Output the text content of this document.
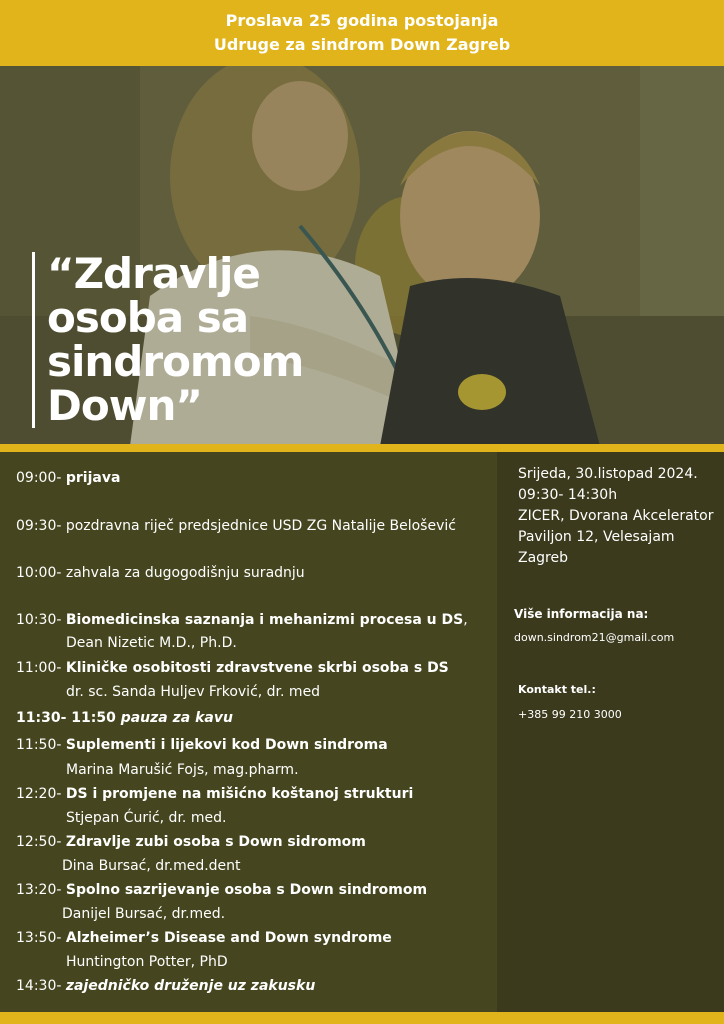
Proslava 25 godina postojanja
Udruge za sindrom Down Zagreb
“Zdravlje
osoba sa
sindromom
Down”
09:00- prijava
09:30- pozdravna riječ predsjednice USD ZG Natalije Belošević
10:00- zahvala za dugogodišnju suradnju
10:30- Biomedicinska saznanja i mehanizmi procesa u DS,
Dean Nizetic M.D., Ph.D.
11:00- Kliničke osobitosti zdravstvene skrbi osoba s DS
dr. sc. Sanda Huljev Frković, dr. med
11:30- 11:50 pauza za kavu
11:50- Suplementi i lijekovi kod Down sindroma
Marina Marušić Fojs, mag.pharm.
12:20- DS i promjene na mišićno koštanoj strukturi
Stjepan Ćurić, dr. med.
12:50- Zdravlje zubi osoba s Down sidromom
Dina Bursać, dr.med.dent
13:20- Spolno sazrijevanje osoba s Down sindromom
Danijel Bursać, dr.med.
13:50- Alzheimer’s Disease and Down syndrome
Huntington Potter, PhD
14:30- zajedničko druženje uz zakusku
Srijeda, 30.listopad 2024.
09:30- 14:30h
ZICER, Dvorana Akcelerator
Paviljon 12, Velesajam
Zagreb
Više informacija na:
down.sindrom21@gmail.com
Kontakt tel.:
+385 99 210 3000
